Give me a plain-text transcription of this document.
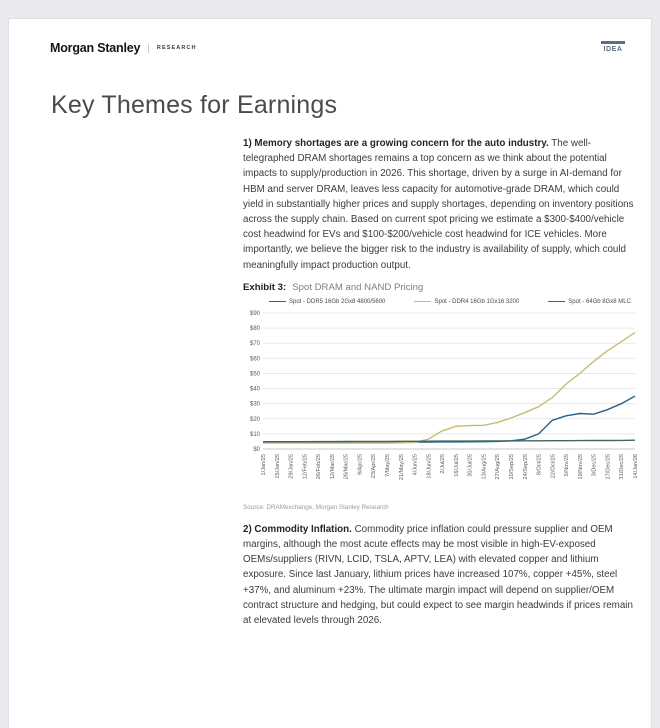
Morgan Stanley | RESEARCH	IDEA
Key Themes for Earnings

1) Memory shortages are a growing concern for the auto industry. The well-telegraphed DRAM shortages remains a top concern as we think about the potential impacts to supply/production in 2026. This shortage, driven by a surge in AI-demand for HBM and server DRAM, leaves less capacity for automotive-grade DRAM, which could yield in substantially higher prices and supply shortages, depending on inventory positions across the supply chain. Based on current spot pricing we estimate a $300-$400/vehicle cost headwind for EVs and $100-$200/vehicle cost headwind for ICE vehicles. More importantly, we believe the bigger risk to the industry is availability of supply, which could meaningfully impact production output.

Exhibit 3: Spot DRAM and NAND Pricing
Spot - DDR5 16Gb 2Gx8 4800/5600	Spot - DDR4 16Gb 1Gx16 3200	Spot - 64Gb 8Gx8 MLC
$0
$10
$20
$30
$40
$50
$60
$70
$80
$90
1/Jan/25 15/Jan/25 29/Jan/25 12/Feb/25 26/Feb/25 12/Mar/25 26/Mar/25 9/Apr/25 23/Apr/25 7/May/25 21/May/25 4/Jun/25 18/Jun/25 2/Jul/25 16/Jul/25 30/Jul/25 13/Aug/25 27/Aug/25 10/Sep/25 24/Sep/25 8/Oct/25 22/Oct/25 5/Nov/25 19/Nov/25 3/Dec/25 17/Dec/25 31/Dec/25 14/Jan/26
Source: DRAMexchange, Morgan Stanley Research

2) Commodity Inflation. Commodity price inflation could pressure supplier and OEM margins, although the most acute effects may be most visible in high-EV-exposed OEMs/suppliers (RIVN, LCID, TSLA, APTV, LEA) with elevated copper and lithium exposure. Since last January, lithium prices have increased 107%, copper +45%, steel +37%, and aluminum +23%. The ultimate margin impact will depend on supplier/OEM contract structure and hedging, but could expect to see margin headwinds if prices remain at elevated levels through 2026.
